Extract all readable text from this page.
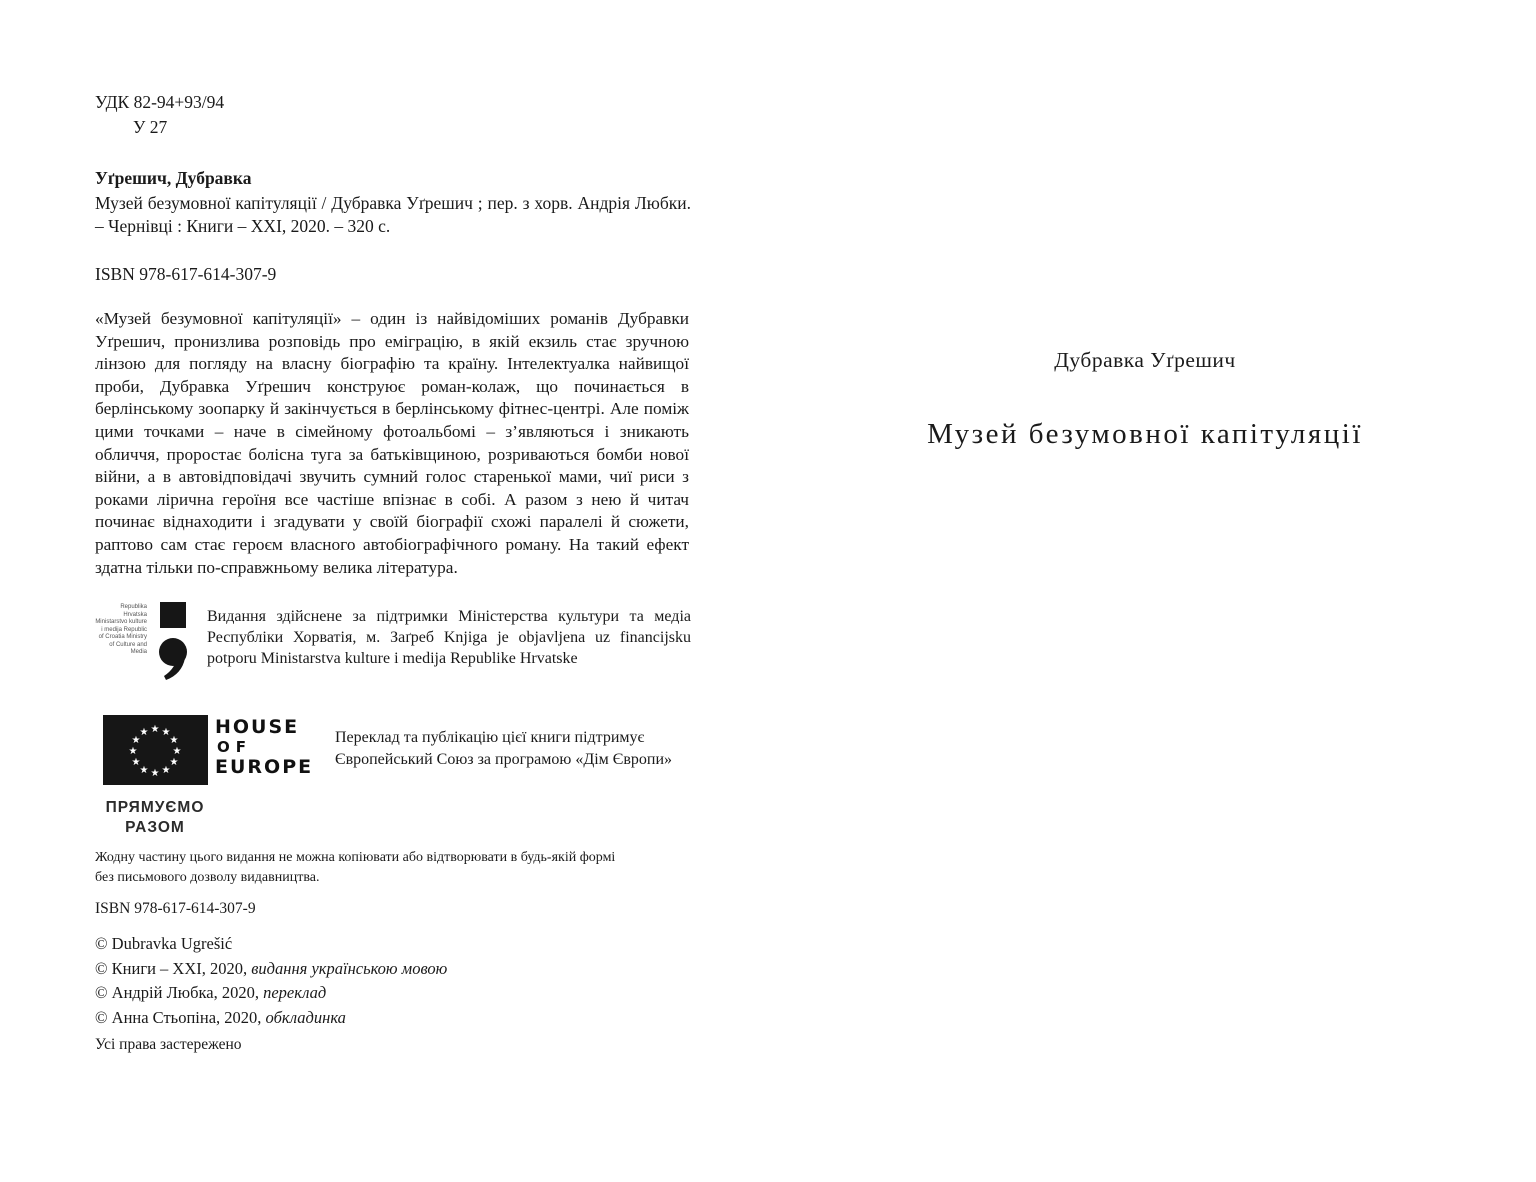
УДК 82-94+93/94
У 27
Уґрешич, Дубравка
Музей безумовної капітуляції / Дубравка Уґрешич ; пер. з хорв. Андрія Любки. – Чернівці : Книги – XXI, 2020. – 320 с.
ISBN 978-617-614-307-9
«Музей безумовної капітуляції» – один із найвідоміших романів Дубравки Уґрешич, пронизлива розповідь про еміграцію, в якій екзиль стає зручною лінзою для погляду на власну біографію та країну. Інтелектуалка найвищої проби, Дубравка Уґрешич конструює роман-колаж, що починається в берлінському зоопарку й закінчується в берлінському фітнес-центрі. Але поміж цими точками – наче в сімейному фотоальбомі – з’являються і зникають обличчя, проростає болісна туга за батьківщиною, розриваються бомби нової війни, а в автовідповідачі звучить сумний голос старенької мами, чиї риси з роками лірична героїня все частіше впізнає в собі. А разом з нею й читач починає віднаходити і згадувати у своїй біографії схожі паралелі й сюжети, раптово сам стає героєм власного автобіографічного роману. На такий ефект здатна тільки по-справжньому велика література.
Republika Hrvatska Ministarstvo kulture i medija Republic of Croatia Ministry of Culture and Media
Видання здійснене за підтримки Міністерства культури та медіа Республіки Хорватія, м. Заґреб Knjiga je objavljena uz financijsku potporu Ministarstva kulture i medija Republike Hrvatske
★ ★
★
★
★
★
★
★
★
★
★
★
ПРЯМУЄМО
РАЗОМ
HOUSE
OF
EUROPE
Переклад та публікацію цієї книги підтримує
Європейський Союз за програмою «Дім Європи»
Жодну частину цього видання не можна копіювати або відтворювати в будь-якій формі
без письмового дозволу видавництва.
ISBN 978-617-614-307-9
© Dubravka Ugrešić
© Книги – XXI, 2020, видання українською мовою
© Андрій Любка, 2020, переклад
© Анна Стьопіна, 2020, обкладинка
Усі права застережено
Дубравка Уґрешич
Музей безумовної капітуляції
